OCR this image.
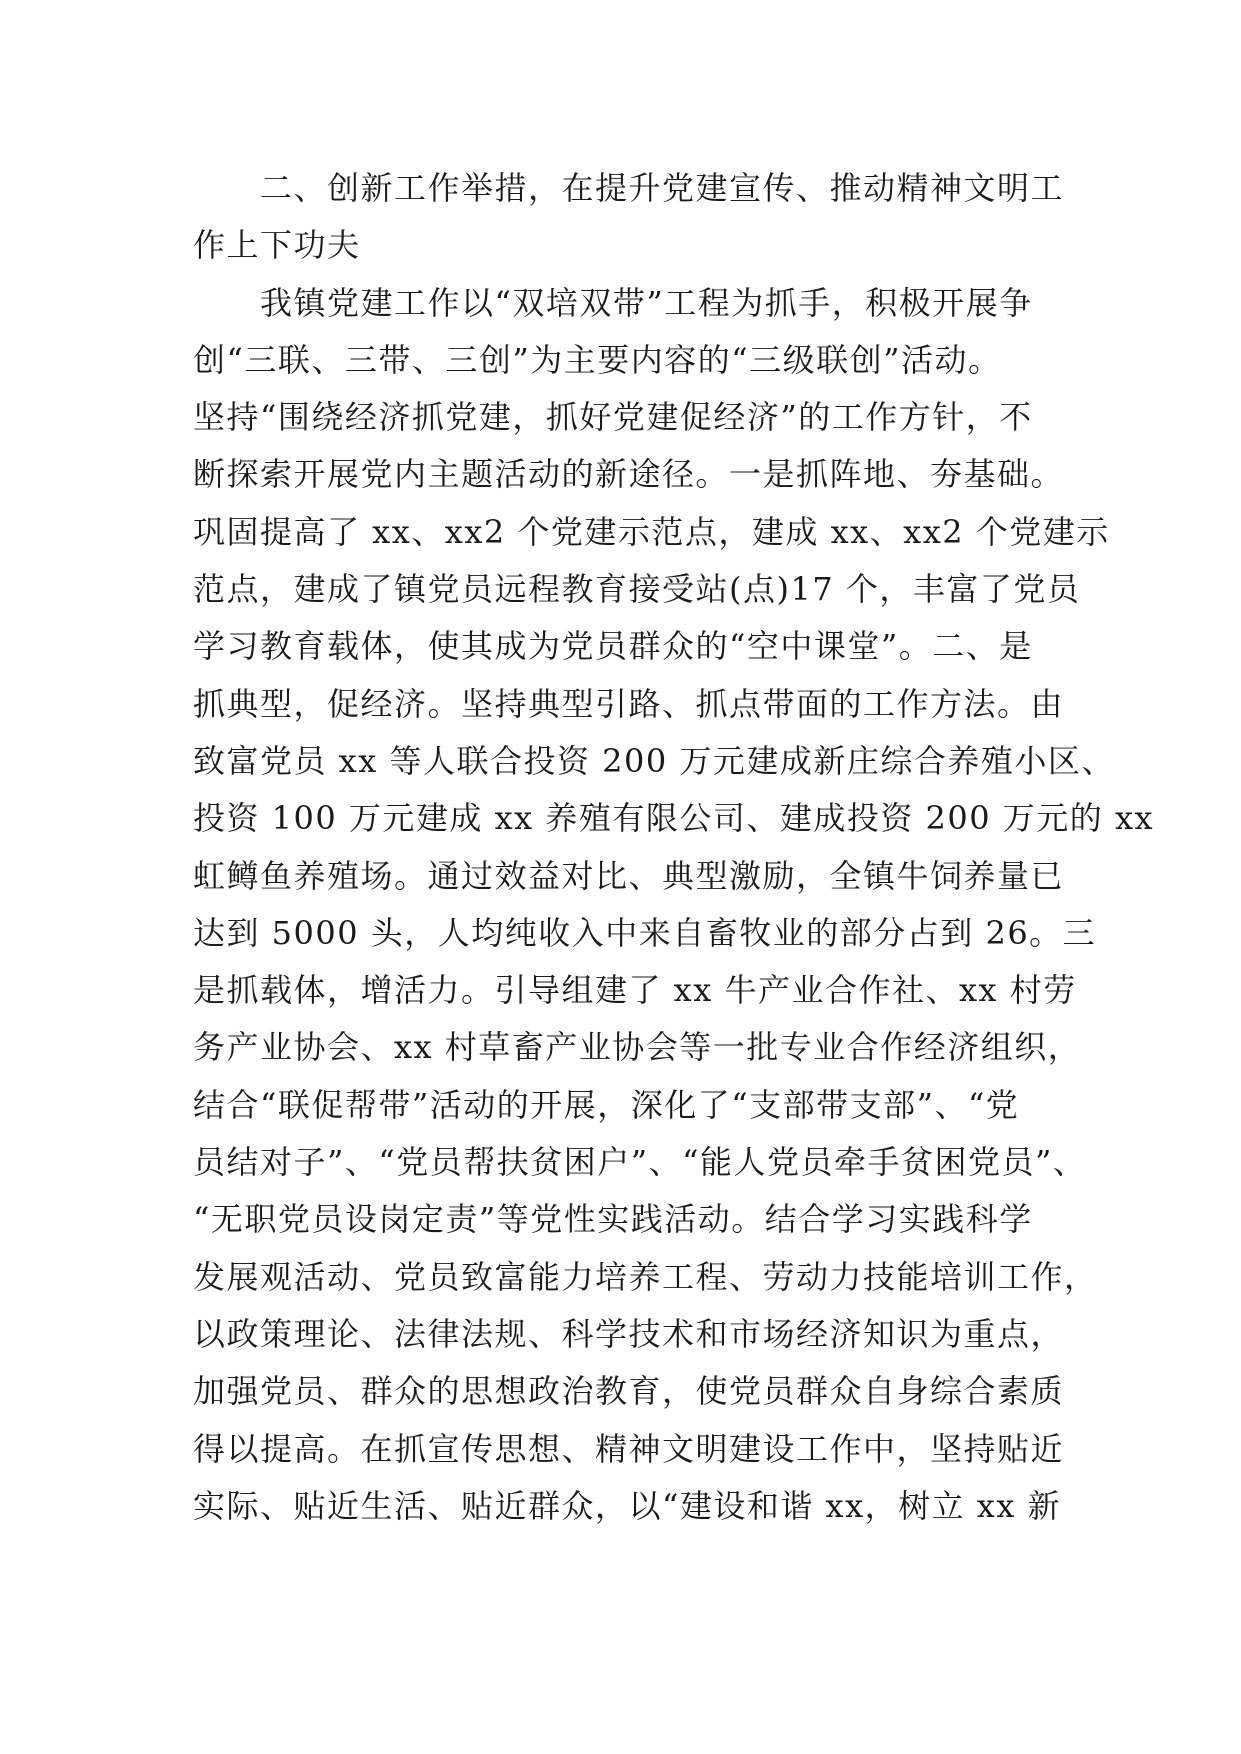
　　二、创新工作举措，在提升党建宣传、推动精神文明工
作上下功夫
　　我镇党建工作以“双培双带”工程为抓手，积极开展争
创“三联、三带、三创”为主要内容的“三级联创”活动。
坚持“围绕经济抓党建，抓好党建促经济”的工作方针，不
断探索开展党内主题活动的新途径。一是抓阵地、夯基础。
巩固提高了 xx、xx2 个党建示范点，建成 xx、xx2 个党建示
范点，建成了镇党员远程教育接受站(点)17 个，丰富了党员
学习教育载体，使其成为党员群众的“空中课堂”。二、是
抓典型，促经济。坚持典型引路、抓点带面的工作方法。由
致富党员 xx 等人联合投资 200 万元建成新庄综合养殖小区、
投资 100 万元建成 xx 养殖有限公司、建成投资 200 万元的 xx
虹鳟鱼养殖场。通过效益对比、典型激励，全镇牛饲养量已
达到 5000 头，人均纯收入中来自畜牧业的部分占到 26。三
是抓载体，增活力。引导组建了 xx 牛产业合作社、xx 村劳
务产业协会、xx 村草畜产业协会等一批专业合作经济组织，
结合“联促帮带”活动的开展，深化了“支部带支部”、“党
员结对子”、“党员帮扶贫困户”、“能人党员牵手贫困党员”、
“无职党员设岗定责”等党性实践活动。结合学习实践科学
发展观活动、党员致富能力培养工程、劳动力技能培训工作，
以政策理论、法律法规、科学技术和市场经济知识为重点，
加强党员、群众的思想政治教育，使党员群众自身综合素质
得以提高。在抓宣传思想、精神文明建设工作中，坚持贴近
实际、贴近生活、贴近群众，以“建设和谐 xx，树立 xx 新
